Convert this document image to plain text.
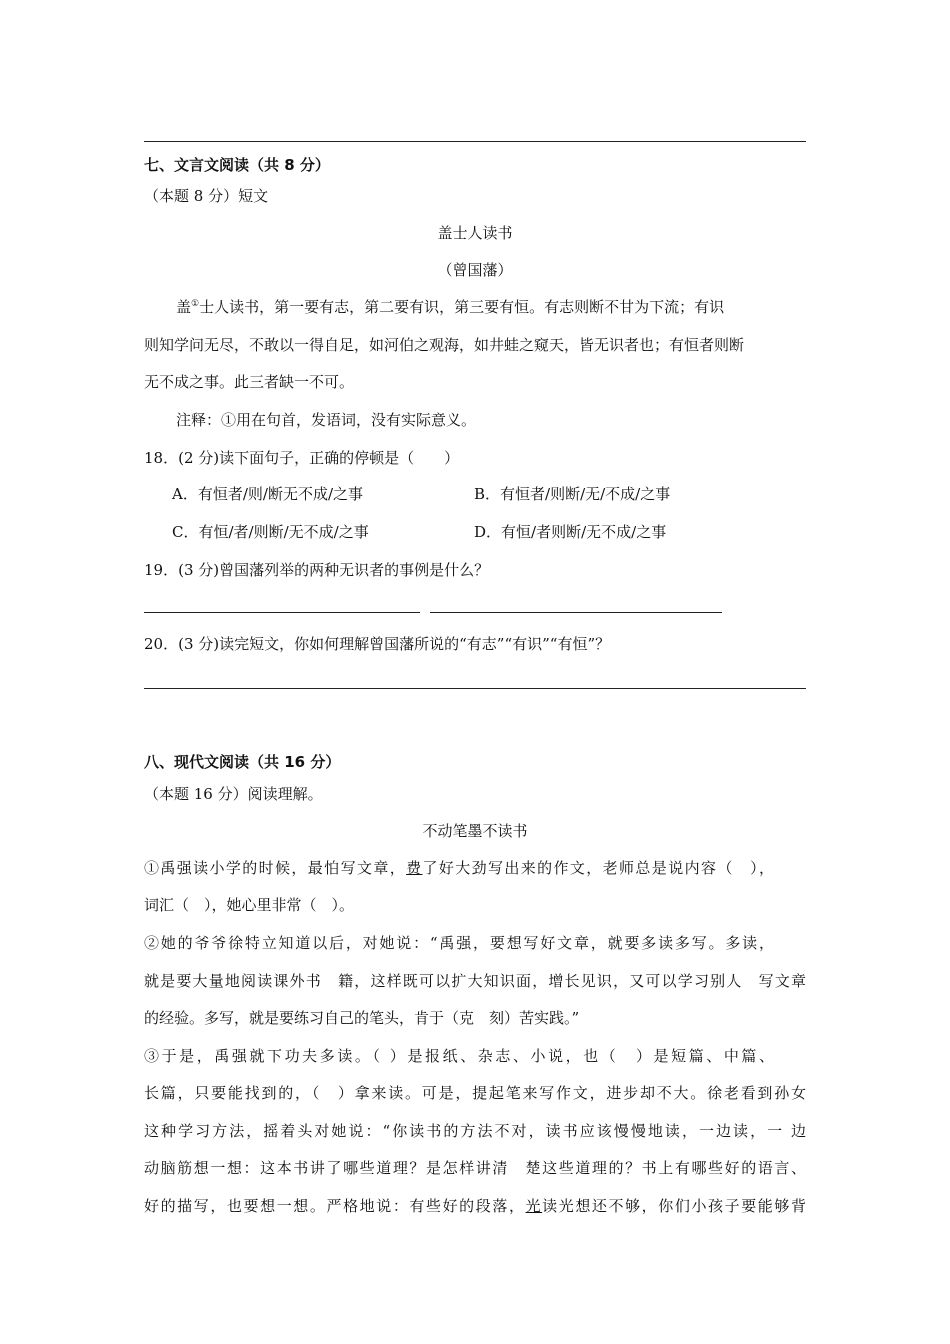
七、文言文阅读（共 8 分）
（本题 8 分）短文
盖士人读书
（曾国藩）
盖①士人读书，第一要有志，第二要有识，第三要有恒。有志则断不甘为下流；有识
则知学问无尽，不敢以一得自足，如河伯之观海，如井蛙之窥天，皆无识者也；有恒者则断
无不成之事。此三者缺一不可。
注释：①用在句首，发语词，没有实际意义。
18．(2 分)读下面句子，正确的停顿是（　　）
A．有恒者/则/断无不成/之事	B．有恒者/则断/无/不成/之事
C．有恒/者/则断/无不成/之事	D．有恒/者则断/无不成/之事
19．(3 分)曾国藩列举的两种无识者的事例是什么？
20．(3 分)读完短文，你如何理解曾国藩所说的“有志”“有识”“有恒”？
八、现代文阅读（共 16 分）
（本题 16 分）阅读理解。
不动笔墨不读书
①禹强读小学的时候，最怕写文章，费了好大劲写出来的作文，老师总是说内容（　），
词汇（　），她心里非常（　）。
②她的爷爷徐特立知道以后，对她说：“禹强，要想写好文章，就要多读多写。多读，
就是要大量地阅读课外书　籍，这样既可以扩大知识面，增长见识，又可以学习别人　写文章
的经验。多写，就是要练习自己的笔头，肯于（克　刻）苦实践。”
③于是，禹强就下功夫多读。（ ）是报纸、杂志、小说，也（　）是短篇、中篇、
长篇，只要能找到的，（　）拿来读。可是，提起笔来写作文，进步却不大。徐老看到孙女
这种学习方法，摇着头对她说：“你读书的方法不对，读书应该慢慢地读，一边读，一 边
动脑筋想一想：这本书讲了哪些道理？是怎样讲清　楚这些道理的？书上有哪些好的语言、
好的描写，也要想一想。严格地说：有些好的段落，光读光想还不够，你们小孩子要能够背
